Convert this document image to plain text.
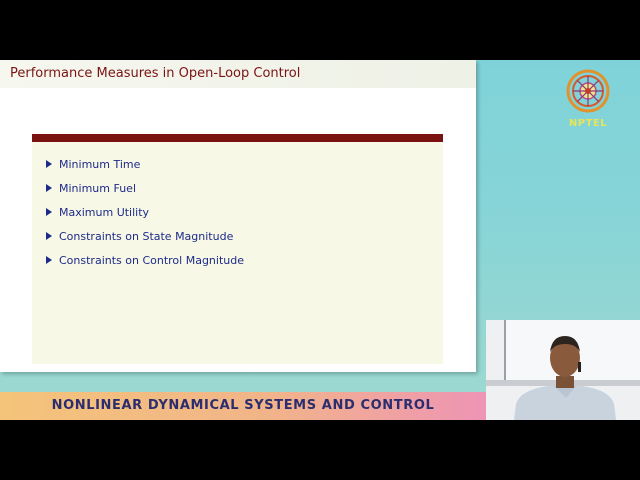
Performance Measures in Open-Loop Control
Minimum Time
Minimum Fuel
Maximum Utility
Constraints on State Magnitude
Constraints on Control Magnitude
NPTEL
NONLINEAR DYNAMICAL SYSTEMS AND CONTROL
